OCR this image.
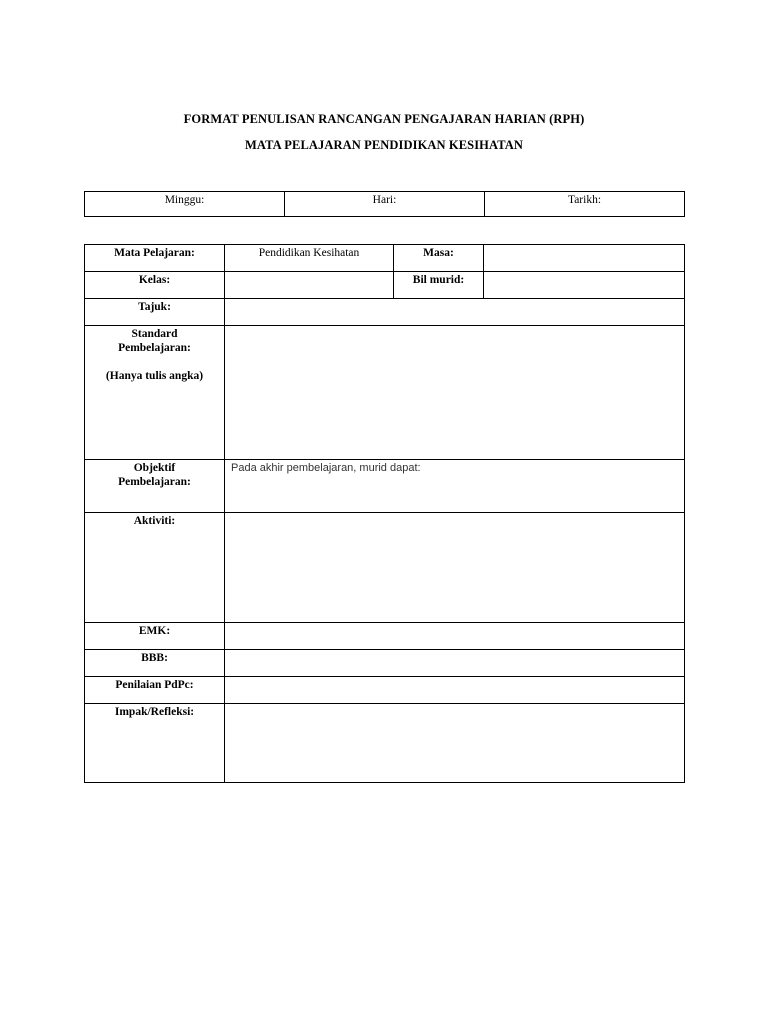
FORMAT PENULISAN RANCANGAN PENGAJARAN HARIAN (RPH)
MATA PELAJARAN PENDIDIKAN KESIHATAN
Minggu:	Hari:	Tarikh:
Mata Pelajaran:	Pendidikan Kesihatan	Masa:	
Kelas:		Bil murid:	
Tajuk:			

Standard
Pembelajaran:
(Hanya tulis angka)			

Objektif
Pembelajaran:	Pada akhir pembelajaran, murid dapat:		
Aktiviti:			
EMK:			
BBB:			
Penilaian PdPc:			
Impak/Refleksi:			
